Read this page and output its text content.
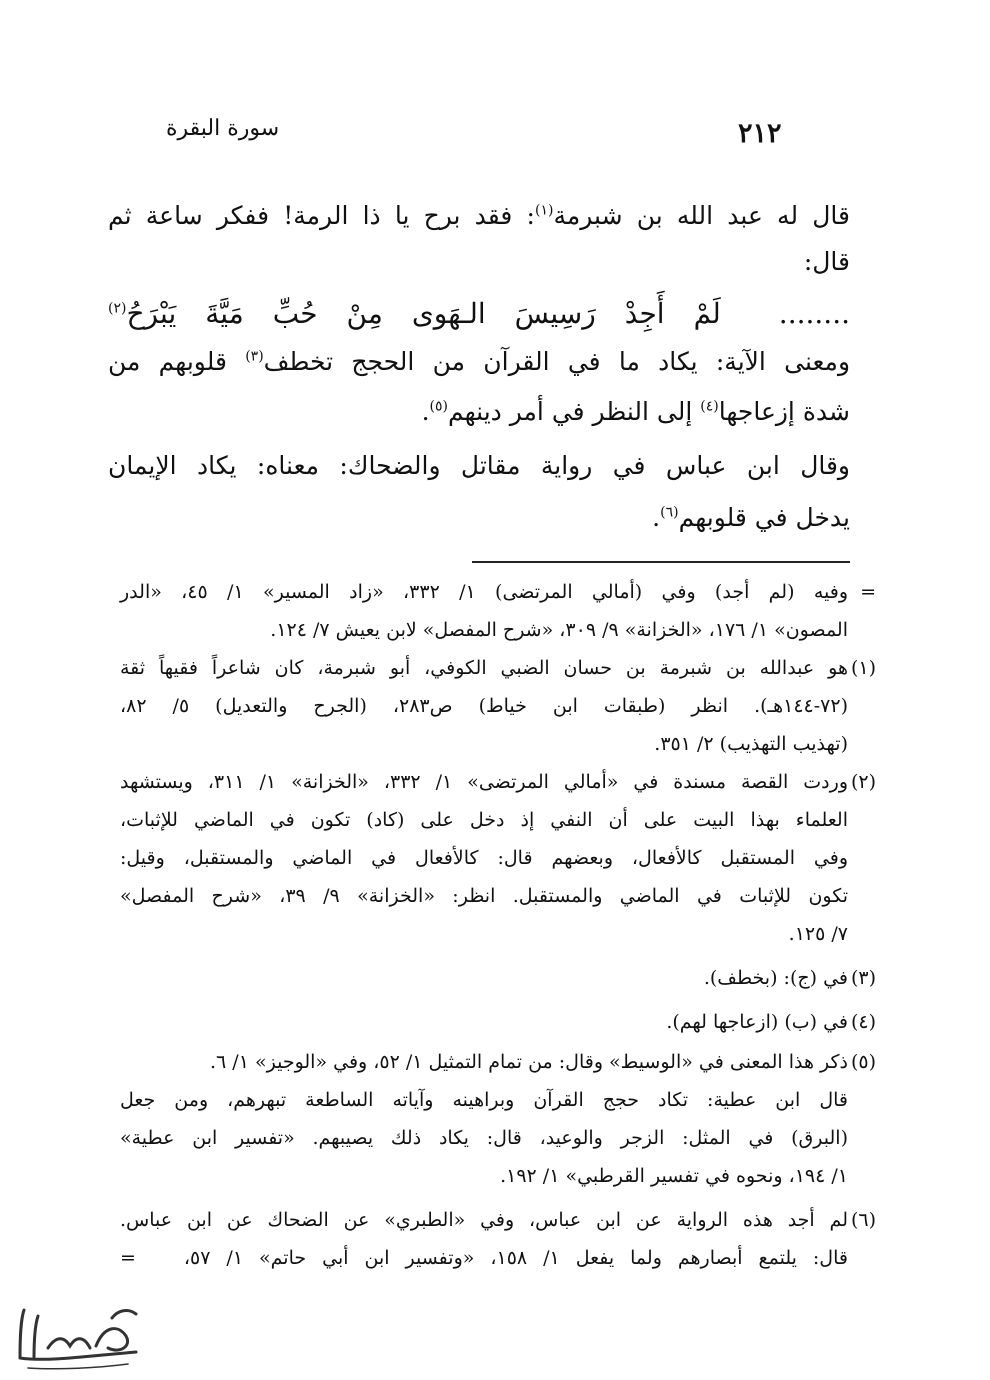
سورة البقرة	٢١٢
قال له عبد الله بن شبرمة$^{(١)}$: فقد برح يا ذا الرمة! ففكر ساعة ثم
قال:
........  لَمْ أَجِدْ رَسِيسَ الـهَوى مِنْ حُبِّ مَيَّةَ يَبْرَحُ$^{(٢)}$
ومعنى الآية: يكاد ما في القرآن من الحجج تخطف$^{(٣)}$ قلوبهم من
شدة إزعاجها$^{(٤)}$ إلى النظر في أمر دينهم$^{(٥)}$.
وقال ابن عباس في رواية مقاتل والضحاك: معناه: يكاد الإيمان
يدخل في قلوبهم$^{(٦)}$.
=
وفيه (لم أجد) وفي (أمالي المرتضى) ١/ ٣٣٢، «زاد المسير» ١/ ٤٥، «الدر
المصون» ١/ ١٧٦، «الخزانة» ٩/ ٣٠٩، «شرح المفصل» لابن يعيش ٧/ ١٢٤.
(١)
هو عبدالله بن شبرمة بن حسان الضبي الكوفي، أبو شبرمة، كان شاعراً فقيهاً ثقة
(٧٢-١٤٤هـ). انظر (طبقات ابن خياط) ص٢٨٣، (الجرح والتعديل) ٥/ ٨٢،
(تهذيب التهذيب) ٢/ ٣٥١.
(٢)
وردت القصة مسندة في «أمالي المرتضى» ١/ ٣٣٢، «الخزانة» ١/ ٣١١، ويستشهد
العلماء بهذا البيت على أن النفي إذ دخل على (كاد) تكون في الماضي للإثبات،
وفي المستقبل كالأفعال، وبعضهم قال: كالأفعال في الماضي والمستقبل، وقيل:
تكون للإثبات في الماضي والمستقبل. انظر: «الخزانة» ٩/ ٣٩، «شرح المفصل»
٧/ ١٢٥.
(٣)
في (ج): (بخطف).
(٤)
في (ب) (ازعاجها لهم).
(٥)
ذكر هذا المعنى في «الوسيط» وقال: من تمام التمثيل ١/ ٥٢، وفي «الوجيز» ١/ ٦.
قال ابن عطية: تكاد حجج القرآن وبراهينه وآياته الساطعة تبهرهم، ومن جعل
(البرق) في المثل: الزجر والوعيد، قال: يكاد ذلك يصيبهم. «تفسير ابن عطية»
١/ ١٩٤، ونحوه في تفسير القرطبي» ١/ ١٩٢.
(٦)
لم أجد هذه الرواية عن ابن عباس، وفي «الطبري» عن الضحاك عن ابن عباس.
قال: يلتمع أبصارهم ولما يفعل ١/ ١٥٨، «وتفسير ابن أبي حاتم» ١/ ٥٧،   =
